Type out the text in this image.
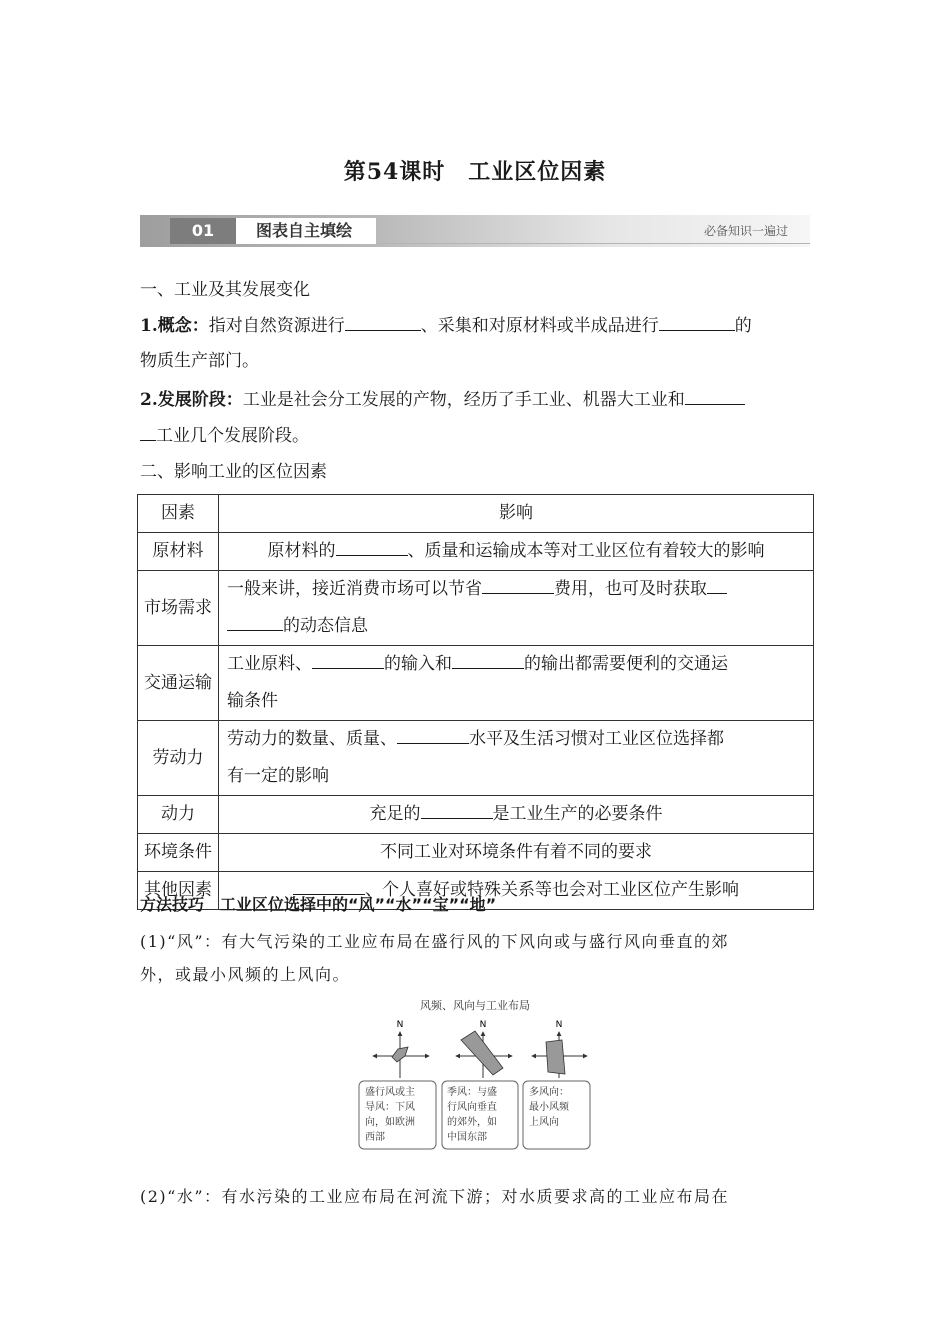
第54课时　工业区位因素
01	图表自主填绘	必备知识一遍过
一、工业及其发展变化
1.概念：指对自然资源进行	、采集和对原材料或半成品进行	的
物质生产部门。
2.发展阶段：工业是社会分工发展的产物，经历了手工业、机器大工业和
工业几个发展阶段。
二、影响工业的区位因素
因素	影响
原材料	原材料的 、质量和运输成本等对工业区位有着较大的影响
市场需求	一般来讲，接近消费市场可以节省 费用，也可及时获取
的动态信息
交通运输	工业原料、 的输入和 的输出都需要便利的交通运
输条件
劳动力	劳动力的数量、质量、 水平及生活习惯对工业区位选择都
有一定的影响
动力	充足的 是工业生产的必要条件
环境条件	不同工业对环境条件有着不同的要求
其他因素	、个人喜好或特殊关系等也会对工业区位产生影响
方法技巧　工业区位选择中的“风”“水”“宝”“地”
(1)“风”：有大气污染的工业应布局在盛行风的下风向或与盛行风向垂直的郊
外，或最小风频的上风向。
风频、风向与工业布局
N	N	N
盛行风或主
导风：下风
向，如欧洲
西部
季风：与盛
行风向垂直
的郊外，如
中国东部
多风向：
最小风频
上风向
(2)“水”：有水污染的工业应布局在河流下游；对水质要求高的工业应布局在
